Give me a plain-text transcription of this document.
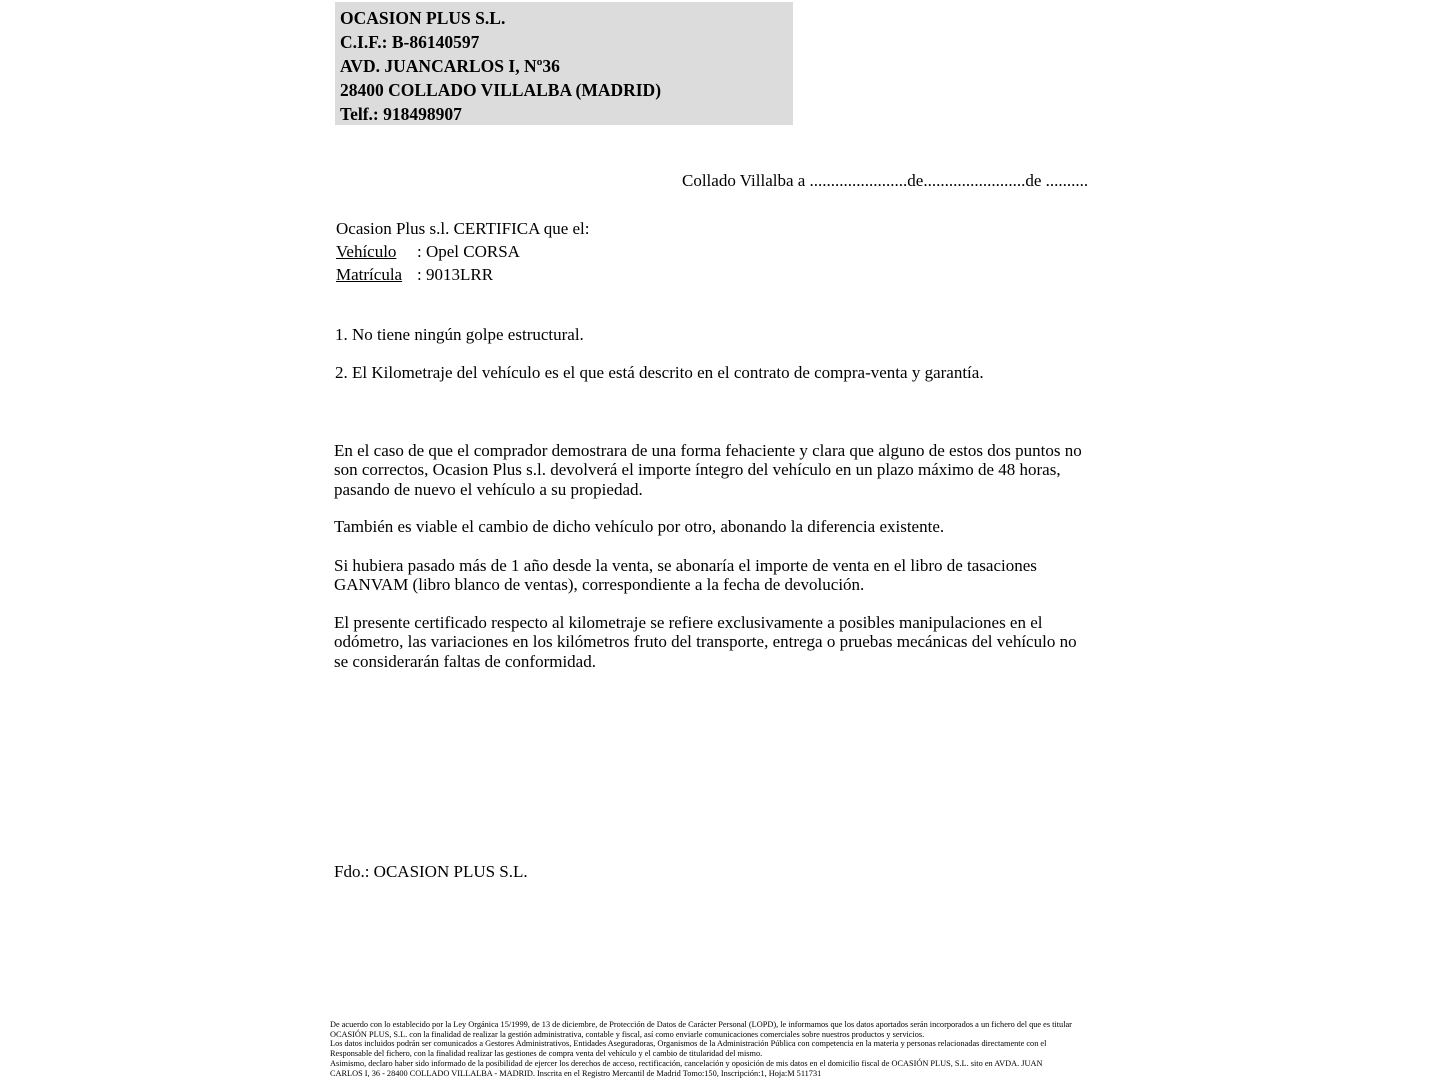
OCASION PLUS S.L.
C.I.F.: B-86140597
AVD. JUANCARLOS I, Nº36
28400 COLLADO VILLALBA (MADRID)
Telf.: 918498907
Collado Villalba a .......................de........................de ..........
Ocasion Plus s.l. CERTIFICA que el:
Vehículo : Opel CORSA
Matrícula : 9013LRR
1. No tiene ningún golpe estructural.
2. El Kilometraje del vehículo es el que está descrito en el contrato de compra-venta y garantía.
En el caso de que el comprador demostrara de una forma fehaciente y clara que alguno de estos dos puntos no
son correctos, Ocasion Plus s.l. devolverá el importe íntegro del vehículo en un plazo máximo de 48 horas,
pasando de nuevo el vehículo a su propiedad.
También es viable el cambio de dicho vehículo por otro, abonando la diferencia existente.
Si hubiera pasado más de 1 año desde la venta, se abonaría el importe de venta en el libro de tasaciones
GANVAM (libro blanco de ventas), correspondiente a la fecha de devolución.
El presente certificado respecto al kilometraje se refiere exclusivamente a posibles manipulaciones en el
odómetro, las variaciones en los kilómetros fruto del transporte, entrega o pruebas mecánicas del vehículo no
se considerarán faltas de conformidad.
Fdo.: OCASION PLUS S.L.
De acuerdo con lo establecido por la Ley Orgánica 15/1999, de 13 de diciembre, de Protección de Datos de Carácter Personal (LOPD), le informamos que los datos aportados serán incorporados a un fichero del que es titular
OCASIÓN PLUS, S.L. con la finalidad de realizar la gestión administrativa, contable y fiscal, así como enviarle comunicaciones comerciales sobre nuestros productos y servicios.
Los datos incluidos podrán ser comunicados a Gestores Administrativos, Entidades Aseguradoras, Organismos de la Administración Pública con competencia en la materia y personas relacionadas directamente con el
Responsable del fichero, con la finalidad realizar las gestiones de compra venta del vehículo y el cambio de titularidad del mismo.
Asimismo, declaro haber sido informado de la posibilidad de ejercer los derechos de acceso, rectificación, cancelación y oposición de mis datos en el domicilio fiscal de OCASIÓN PLUS, S.L. sito en AVDA. JUAN
CARLOS I, 36 - 28400 COLLADO VILLALBA - MADRID. Inscrita en el Registro Mercantil de Madrid Tomo:150, Inscripción:1, Hoja:M 511731
